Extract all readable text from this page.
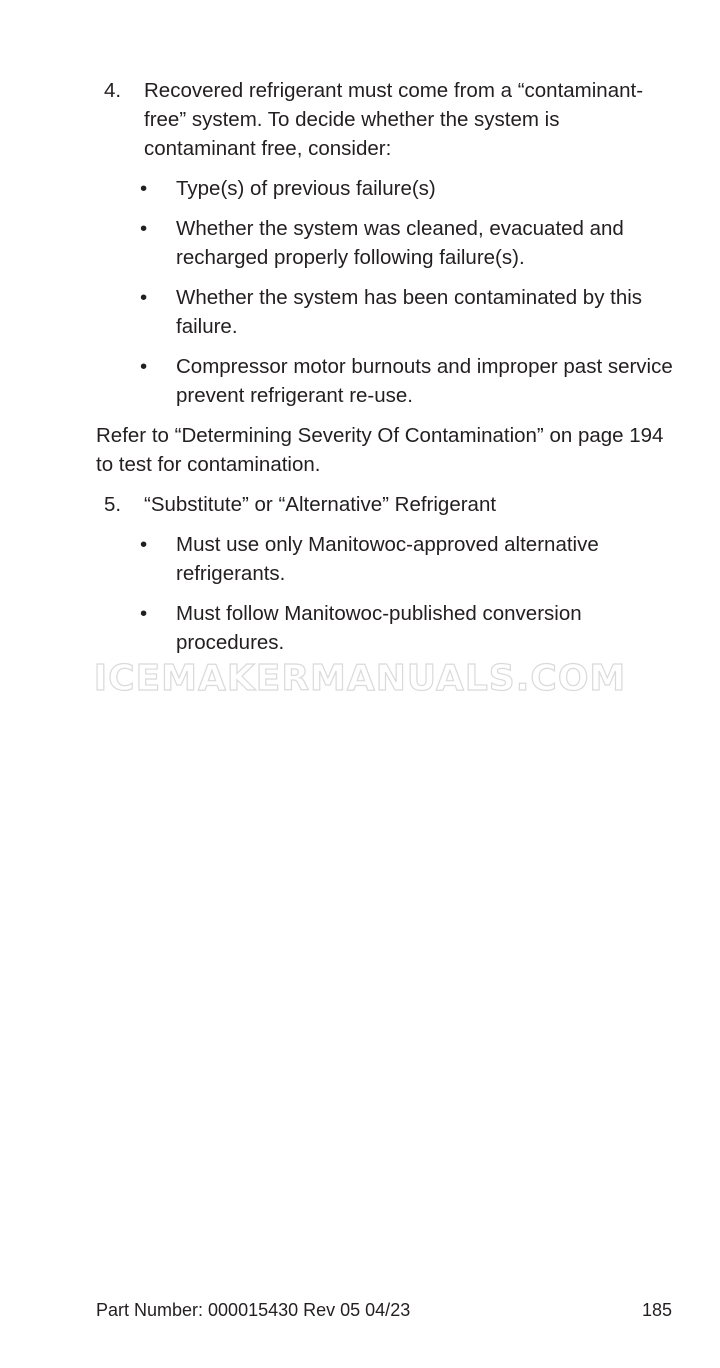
4. Recovered refrigerant must come from a “contaminant-free” system. To decide whether the system is contaminant free, consider:
• Type(s) of previous failure(s)
• Whether the system was cleaned, evacuated and recharged properly following failure(s).
• Whether the system has been contaminated by this failure.
• Compressor motor burnouts and improper past service prevent refrigerant re-use.
Refer to “Determining Severity Of Contamination” on page 194 to test for contamination.
5. “Substitute” or “Alternative” Refrigerant
• Must use only Manitowoc-approved alternative refrigerants.
• Must follow Manitowoc-published conversion procedures.
ICEMAKERMANUALS.COM
Part Number: 000015430 Rev 05 04/23	185
